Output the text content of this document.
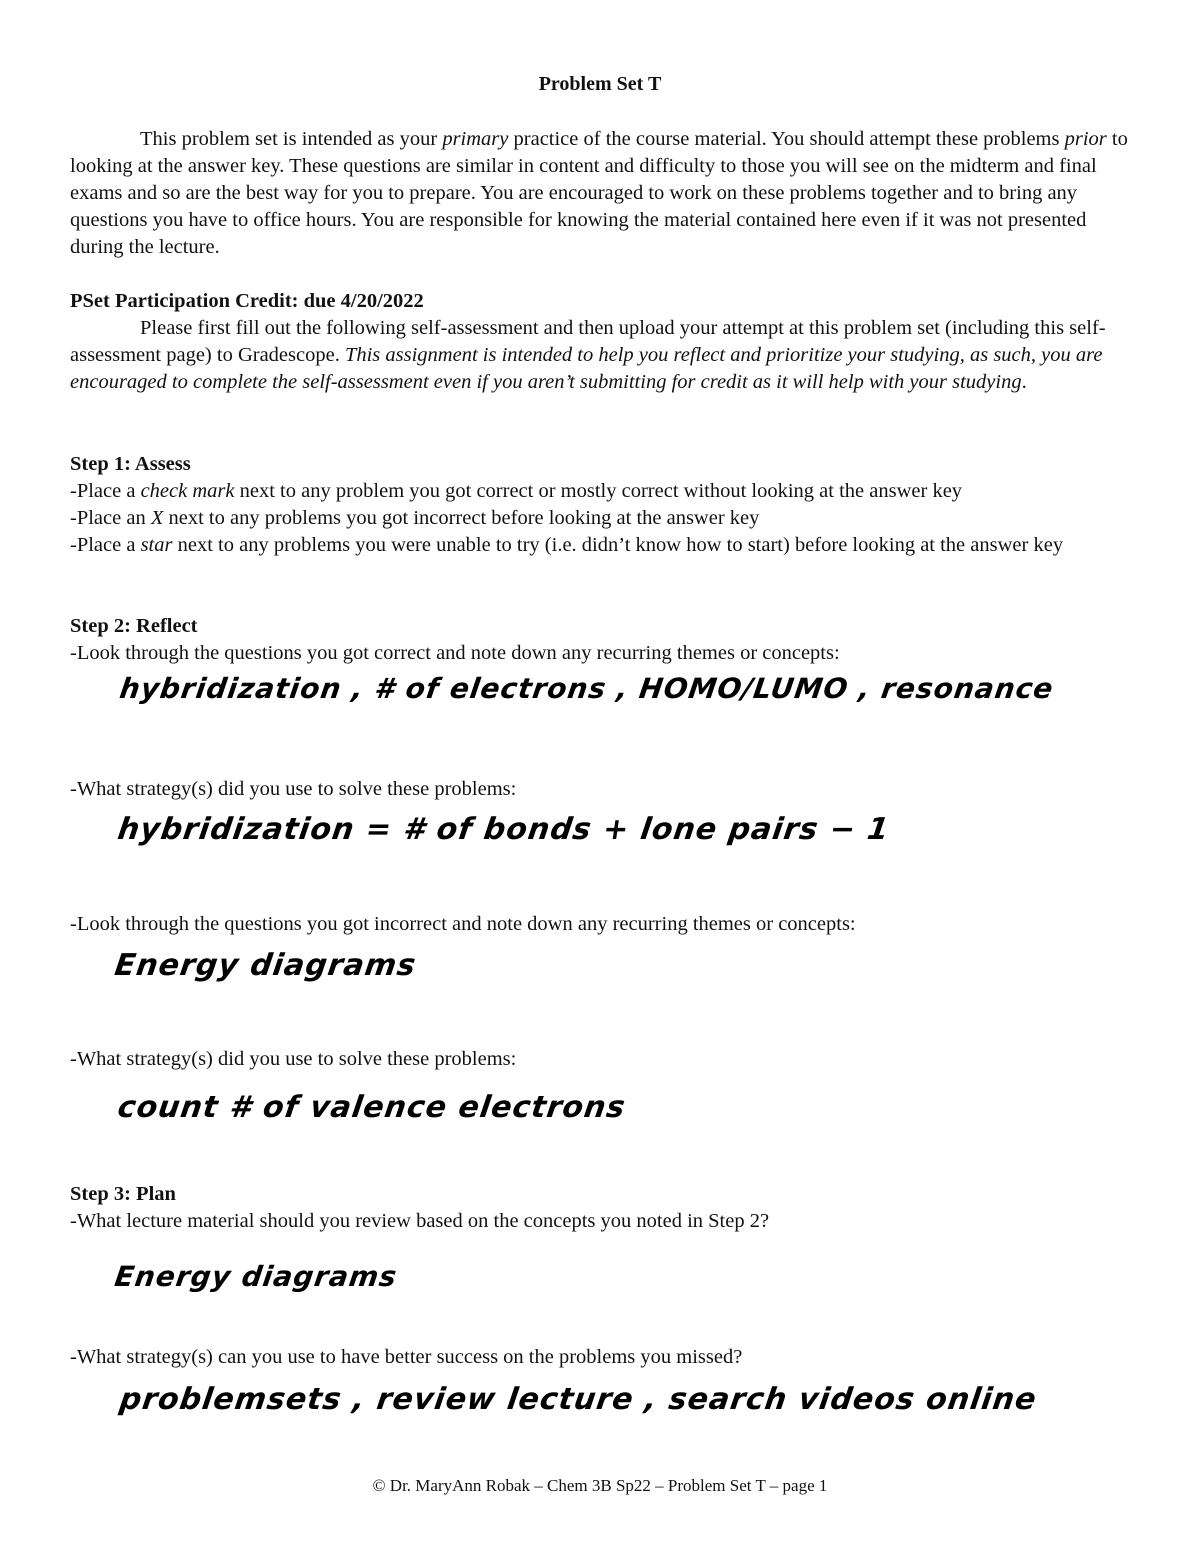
Problem Set T

This problem set is intended as your primary practice of the course material. You should attempt these problems prior to looking at the answer key. These questions are similar in content and difficulty to those you will see on the midterm and final exams and so are the best way for you to prepare. You are encouraged to work on these problems together and to bring any questions you have to office hours. You are responsible for knowing the material contained here even if it was not presented during the lecture.

PSet Participation Credit: due 4/20/2022

Please first fill out the following self-assessment and then upload your attempt at this problem set (including this self-assessment page) to Gradescope. This assignment is intended to help you reflect and prioritize your studying, as such, you are encouraged to complete the self-assessment even if you aren’t submitting for credit as it will help with your studying.

Step 1: Assess

-Place a check mark next to any problem you got correct or mostly correct without looking at the answer key

-Place an X next to any problems you got incorrect before looking at the answer key

-Place a star next to any problems you were unable to try (i.e. didn’t know how to start) before looking at the answer key

Step 2: Reflect

-Look through the questions you got correct and note down any recurring themes or concepts:

hybridization , # of electrons , HOMO/LUMO , resonance

-What strategy(s) did you use to solve these problems:

hybridization = # of bonds + lone pairs − 1

-Look through the questions you got incorrect and note down any recurring themes or concepts:

Energy diagrams

-What strategy(s) did you use to solve these problems:

count # of valence electrons
Step 3: Plan

-What lecture material should you review based on the concepts you noted in Step 2?

Energy diagrams

-What strategy(s) can you use to have better success on the problems you missed?

problemsets , review lecture , search videos online
© Dr. MaryAnn Robak – Chem 3B Sp22 – Problem Set T – page 1
